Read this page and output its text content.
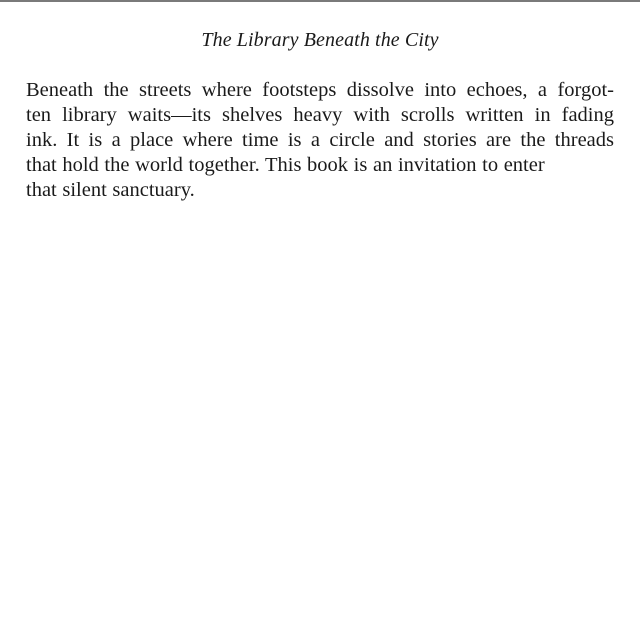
The Library Beneath the City
Beneath the streets where footsteps dissolve into echoes, a forgot-
ten library waits—its shelves heavy with scrolls written in fading
ink. It is a place where time is a circle and stories are the threads
that hold the world together. This book is an invitation to enter
that silent sanctuary.
